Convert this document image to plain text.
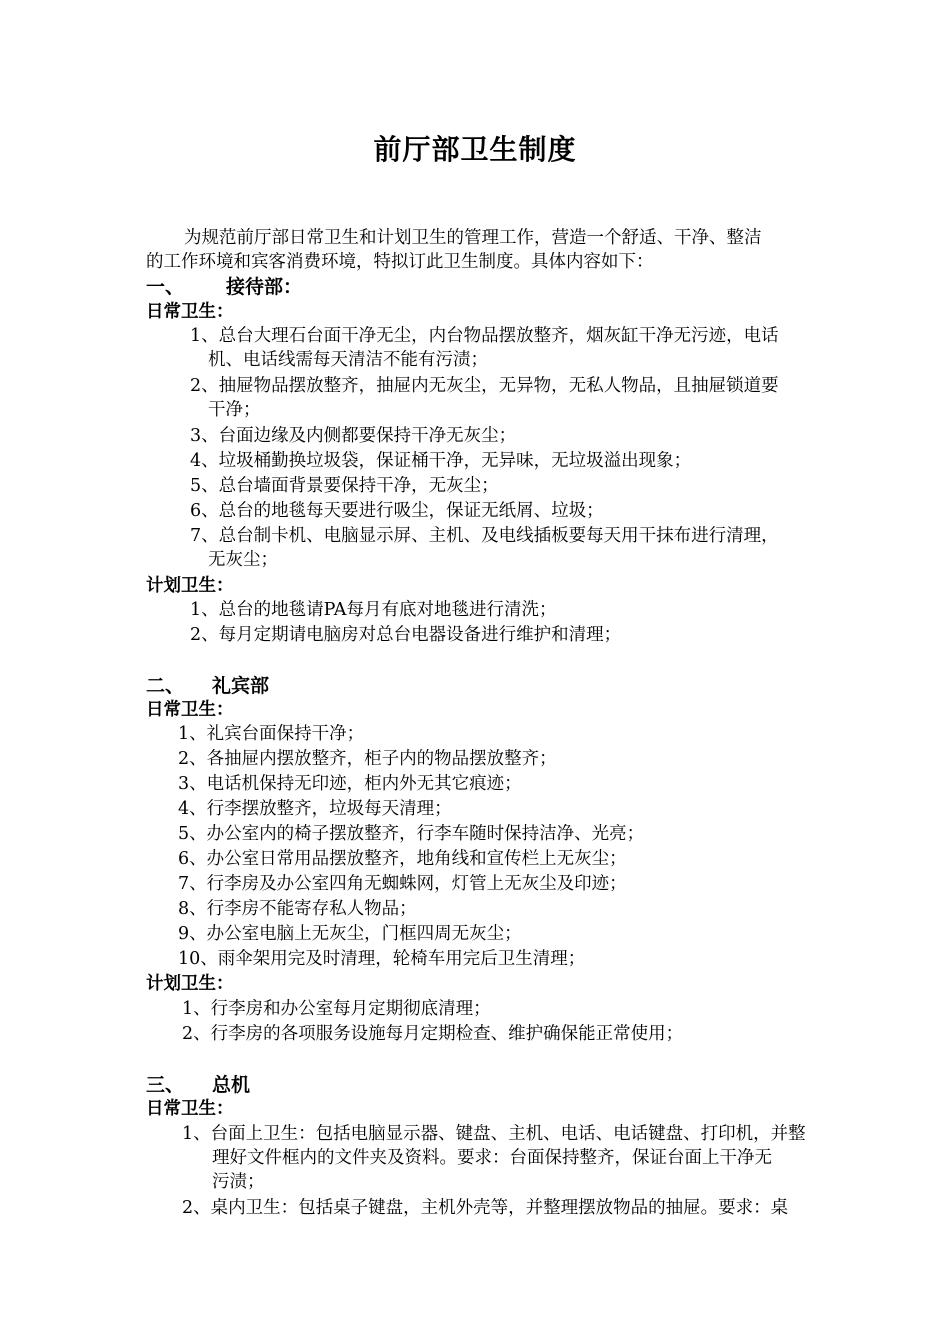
前厅部卫生制度
为规范前厅部日常卫生和计划卫生的管理工作，营造一个舒适、干净、整洁
的工作环境和宾客消费环境，特拟订此卫生制度。具体内容如下：
一、 接待部：
日常卫生：
1、总台大理石台面干净无尘，内台物品摆放整齐，烟灰缸干净无污迹，电话
机、电话线需每天清洁不能有污渍；
2、抽屉物品摆放整齐，抽屉内无灰尘，无异物，无私人物品，且抽屉锁道要
干净；
3、台面边缘及内侧都要保持干净无灰尘；
4、垃圾桶勤换垃圾袋，保证桶干净，无异味，无垃圾溢出现象；
5、总台墙面背景要保持干净，无灰尘；
6、总台的地毯每天要进行吸尘，保证无纸屑、垃圾；
7、总台制卡机、电脑显示屏、主机、及电线插板要每天用干抹布进行清理，
无灰尘；
计划卫生：
1、总台的地毯请PA每月有底对地毯进行清洗；
2、每月定期请电脑房对总台电器设备进行维护和清理；
二、 礼宾部
日常卫生：
1、礼宾台面保持干净；
2、各抽屉内摆放整齐，柜子内的物品摆放整齐；
3、电话机保持无印迹，柜内外无其它痕迹；
4、行李摆放整齐，垃圾每天清理；
5、办公室内的椅子摆放整齐，行李车随时保持洁净、光亮；
6、办公室日常用品摆放整齐，地角线和宣传栏上无灰尘；
7、行李房及办公室四角无蜘蛛网，灯管上无灰尘及印迹；
8、行李房不能寄存私人物品；
9、办公室电脑上无灰尘，门框四周无灰尘；
10、雨伞架用完及时清理，轮椅车用完后卫生清理；
计划卫生：
1、行李房和办公室每月定期彻底清理；
2、行李房的各项服务设施每月定期检查、维护确保能正常使用；
三、 总机
日常卫生：
1、台面上卫生：包括电脑显示器、键盘、主机、电话、电话键盘、打印机，并整
理好文件框内的文件夹及资料。要求：台面保持整齐，保证台面上干净无
污渍；
2、桌内卫生：包括桌子键盘，主机外壳等，并整理摆放物品的抽屉。要求：桌
